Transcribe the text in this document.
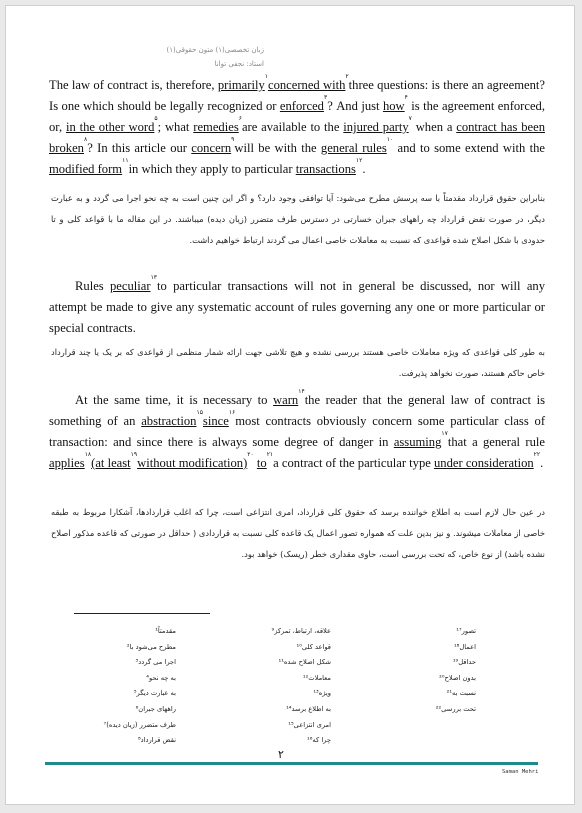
زبان تخصصی(۱) متون حقوقی(۱)
استاد: نجفی توانا

The law of contract is, therefore, primarily$^۱$concerned with$^۲$three questions: is there an agreement? Is one which should be legally recognized or enforced$^۳$? And just how$^۴$ is the agreement enforced, or, in the other word$^۵$; what remedies$^۶$are available to the injured party$^۷$ when a contract has been broken$^۸$? In this article our concern$^۹$will be with the general rules$^{۱۰}$ and to some extend with the modified form$^{۱۱}$in which they apply to particular transactions$^{۱۲}$.

بنابراین حقوق قرارداد مقدمتاً با سه پرسش مطرح می‌شود: آیا توافقی وجود دارد؟ و اگر این چنین است به چه نحو اجرا می گردد و به عبارت دیگر، در صورت نقض قرارداد چه راههای جبران خسارتی در دسترس طرف متضرر (زیان دیده) میباشند. در این مقاله ما با قواعد کلی و تا حدودی با شکل اصلاح شده قواعدی که نسبت به معاملات خاصی اعمال می گردند ارتباط خواهیم داشت.

Rules peculiar$^{۱۳}$to particular transactions will not in general be discussed, nor will any attempt be made to give any systematic account of rules governing any one or more particular or special contracts.

به طور کلی قواعدی که ویژه معاملات خاصی هستند بررسی نشده و هیچ تلاشی جهت ارائه شمار منظمی از قواعدی که بر یک یا چند قرارداد خاص حاکم هستند، صورت نخواهد پذیرفت.

At the same time, it is necessary to warn$^{۱۴}$the reader that the general law of contract is something of an abstraction$^{۱۵}$since$^{۱۶}$most contracts obviously concern some particular class of transaction: and since there is always some degree of danger in assuming$^{۱۷}$that a general rule applies$^{۱۸}$(at least$^{۱۹}$without modification)$^{۲۰}$ $to^{۲۱}a$ contract of the particular type under consideration$^{۲۲}$.

در عین حال لازم است به اطلاع خواننده برسد که حقوق کلی قرارداد، امری انتزاعی است، چرا که اغلب قراردادها، آشکارا مربوط به طبقه خاصی از معاملات میشوند. و نیز بدین علت که همواره تصور اعمال یک قاعده کلی نسبت به قراردادی ( حداقل در صورتی که قاعده مذکور اصلاح نشده باشد) از نوع خاص، که تحت بررسی است، حاوی مقداری خطر (ریسک) خواهد بود.

مقدمتاً¹
مطرح می‌شود با²
اجرا می گردد³
به چه نحو⁴
به عبارت دیگر⁵
راههای جبران⁶
طرف متضرر (زیان دیده)⁷
نقض قرارداد⁸
علاقه، ارتباط، تمرکز⁹
قواعد کلی¹⁰
شکل اصلاح شده¹¹
معاملات¹²
ویژه¹³
به اطلاع برسد¹⁴
امری انتزاعی¹⁵
چرا که¹⁶
تصور¹⁷
اعمال¹⁸
حداقل¹⁹
بدون اصلاح²⁰
نسبت به²¹
تحت بررسی²²
۲
Saman Mehri
